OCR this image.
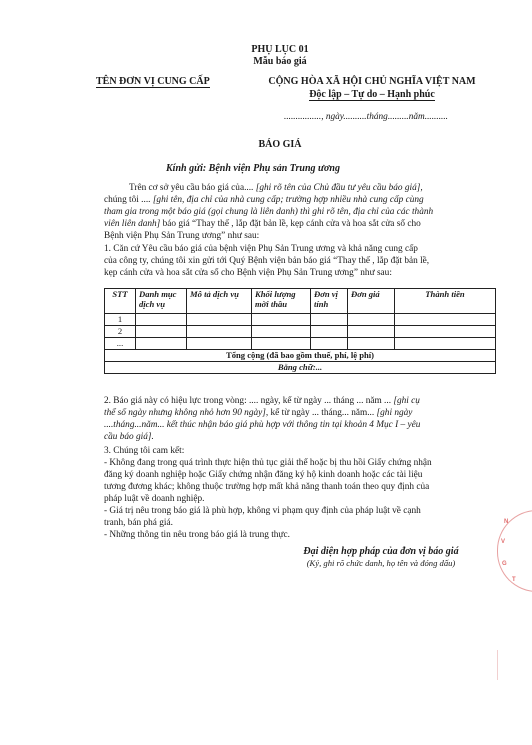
PHỤ LỤC 01
Mẫu báo giá
TÊN ĐƠN VỊ CUNG CẤP	CỘNG HÒA XÃ HỘI CHỦ NGHĨA VIỆT NAM
Độc lập – Tự do – Hạnh phúc
................, ngày..........tháng.........năm..........
BÁO GIÁ
Kính gửi: Bệnh viện Phụ sản Trung ương
Trên cơ sở yêu cầu báo giá của.... [ghi rõ tên của Chủ đầu tư yêu cầu báo giá],
chúng tôi .... [ghi tên, địa chỉ của nhà cung cấp; trường hợp nhiều nhà cung cấp cùng
tham gia trong một báo giá (gọi chung là liên danh) thì ghi rõ tên, địa chỉ của các thành
viên liên danh] báo giá “Thay thế , lắp đặt bản lề, kẹp cánh cửa và hoa sắt cửa sổ cho
Bệnh viện Phụ Sản Trung ương” như sau:
1. Căn cứ Yêu cầu báo giá của bệnh viện Phụ Sản Trung ương và khả năng cung cấp
của công ty, chúng tôi xin gửi tới Quý Bệnh viện bản báo giá “Thay thế , lắp đặt bản lề,
kẹp cánh cửa và hoa sắt cửa sổ cho Bệnh viện Phụ Sản Trung ương” như sau:
STT	Danh mục dịch vụ	Mô tả dịch vụ	Khối lượng mời thầu	Đơn vị tính	Đơn giá	Thành tiền
1						
2						
...						
Tổng cộng (đã bao gồm thuế, phí, lệ phí)						
Bằng chữ:...						
2. Báo giá này có hiệu lực trong vòng: .... ngày, kể từ ngày ... tháng ... năm ... [ghi cụ
thể số ngày nhưng không nhỏ hơn 90 ngày], kể từ ngày ... tháng... năm... [ghi ngày
....tháng...năm... kết thúc nhận báo giá phù hợp với thông tin tại khoản 4 Mục I – yêu
cầu báo giá].
3. Chúng tôi cam kết:
- Không đang trong quá trình thực hiện thủ tục giải thể hoặc bị thu hồi Giấy chứng nhận
đăng ký doanh nghiệp hoặc Giấy chứng nhận đăng ký hộ kinh doanh hoặc các tài liệu
tương đương khác; không thuộc trường hợp mất khả năng thanh toán theo quy định của
pháp luật về doanh nghiệp.
- Giá trị nêu trong báo giá là phù hợp, không vi phạm quy định của pháp luật về cạnh
tranh, bán phá giá.
- Những thông tin nêu trong báo giá là trung thực.
Đại diện hợp pháp của đơn vị báo giá
(Ký, ghi rõ chức danh, họ tên và đóng dấu)
N
V
G
T
